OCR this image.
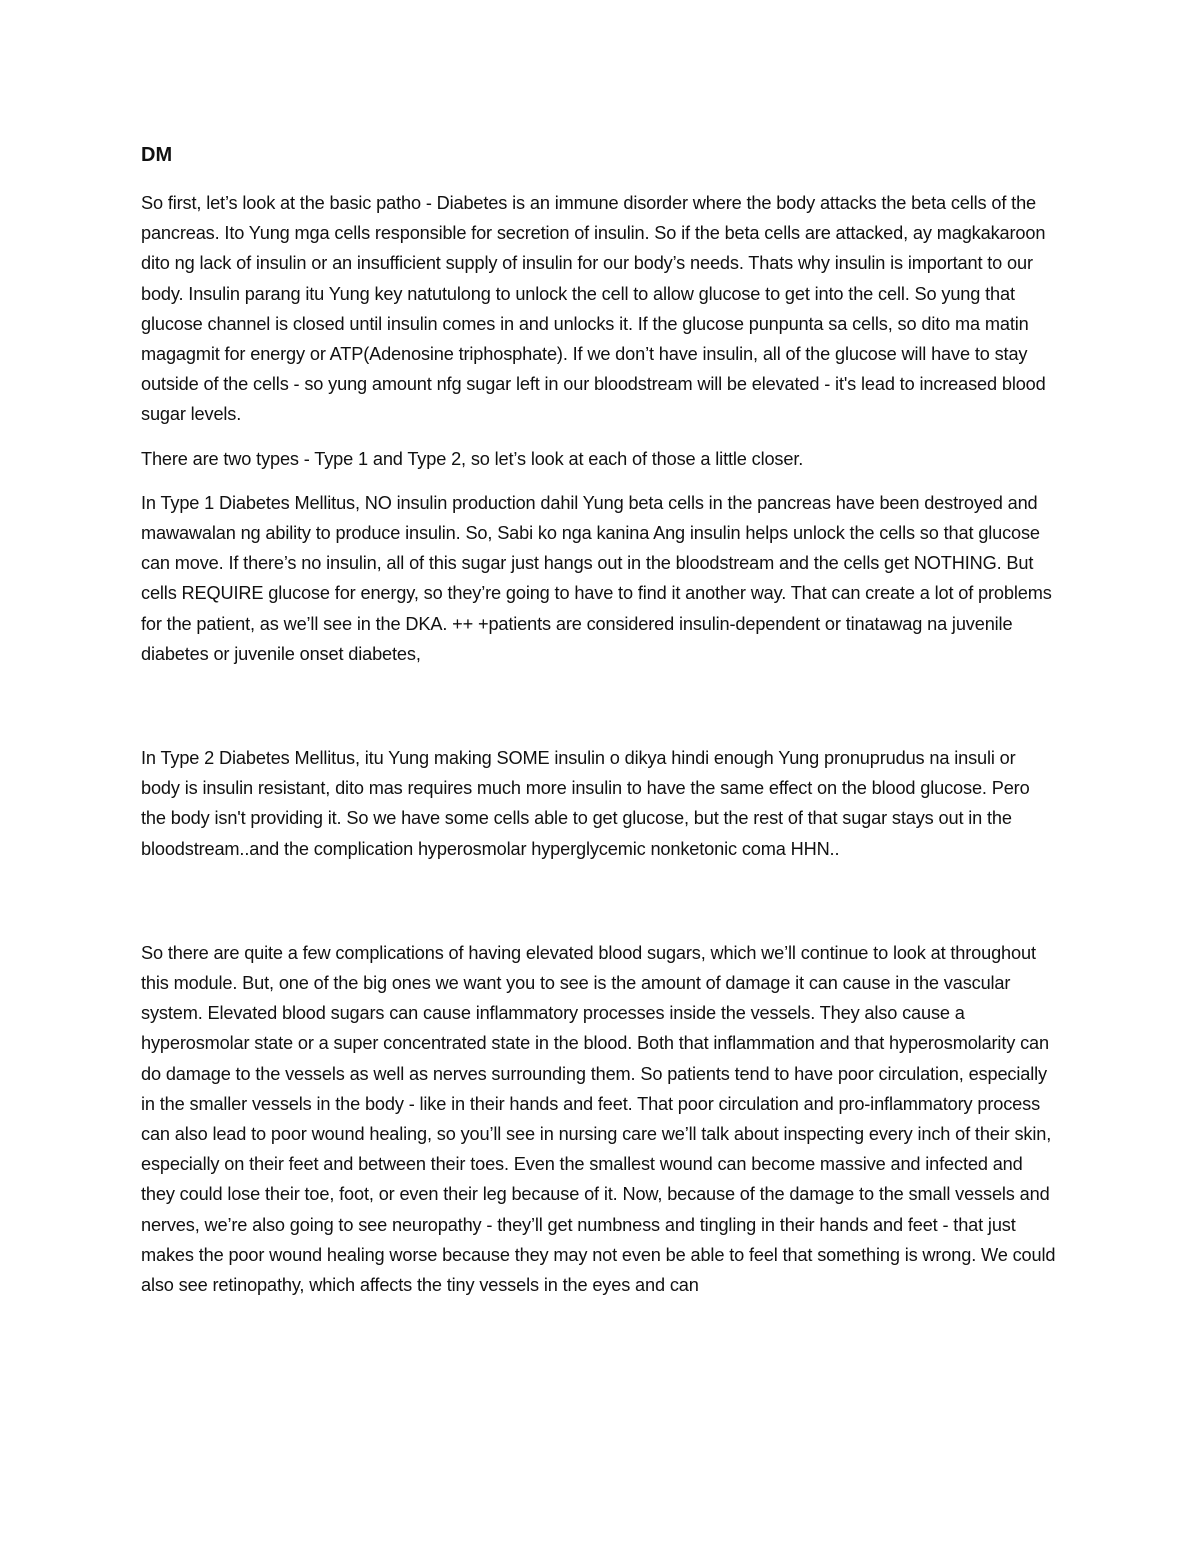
DM

So first, let’s look at the basic patho - Diabetes is an immune disorder where the body attacks the beta cells of the pancreas. Ito Yung mga cells responsible for secretion of insulin. So if the beta cells are attacked, ay magkakaroon dito ng lack of insulin or an insufficient supply of insulin for our body’s needs. Thats why insulin is important to our body. Insulin parang itu Yung key natutulong to unlock the cell to allow glucose to get into the cell. So yung that glucose channel is closed until insulin comes in and unlocks it. If the glucose punpunta sa cells, so dito ma matin magagmit for energy or ATP(Adenosine triphosphate). If we don’t have insulin, all of the glucose will have to stay outside of the cells - so yung amount nfg sugar left in our bloodstream will be elevated - it's lead to increased blood sugar levels.

There are two types - Type 1 and Type 2, so let’s look at each of those a little closer.

In Type 1 Diabetes Mellitus, NO insulin production dahil Yung beta cells in the pancreas have been destroyed and mawawalan ng ability to produce insulin. So, Sabi ko nga kanina Ang insulin helps unlock the cells so that glucose can move. If there’s no insulin, all of this sugar just hangs out in the bloodstream and the cells get NOTHING. But cells REQUIRE glucose for energy, so they’re going to have to find it another way. That can create a lot of problems for the patient, as we’ll see in the DKA. ++ +patients are considered insulin-dependent or tinatawag na juvenile diabetes or juvenile onset diabetes,

In Type 2 Diabetes Mellitus, itu Yung making SOME insulin o dikya hindi enough Yung pronuprudus na insuli or body is insulin resistant, dito mas requires much more insulin to have the same effect on the blood glucose. Pero the body isn't providing it. So we have some cells able to get glucose, but the rest of that sugar stays out in the bloodstream..and the complication hyperosmolar hyperglycemic nonketonic coma HHN..

So there are quite a few complications of having elevated blood sugars, which we’ll continue to look at throughout this module. But, one of the big ones we want you to see is the amount of damage it can cause in the vascular system. Elevated blood sugars can cause inflammatory processes inside the vessels. They also cause a hyperosmolar state or a super concentrated state in the blood. Both that inflammation and that hyperosmolarity can do damage to the vessels as well as nerves surrounding them. So patients tend to have poor circulation, especially in the smaller vessels in the body - like in their hands and feet. That poor circulation and pro-inflammatory process can also lead to poor wound healing, so you’ll see in nursing care we’ll talk about inspecting every inch of their skin, especially on their feet and between their toes. Even the smallest wound can become massive and infected and they could lose their toe, foot, or even their leg because of it. Now, because of the damage to the small vessels and nerves, we’re also going to see neuropathy - they’ll get numbness and tingling in their hands and feet - that just makes the poor wound healing worse because they may not even be able to feel that something is wrong. We could also see retinopathy, which affects the tiny vessels in the eyes and can
